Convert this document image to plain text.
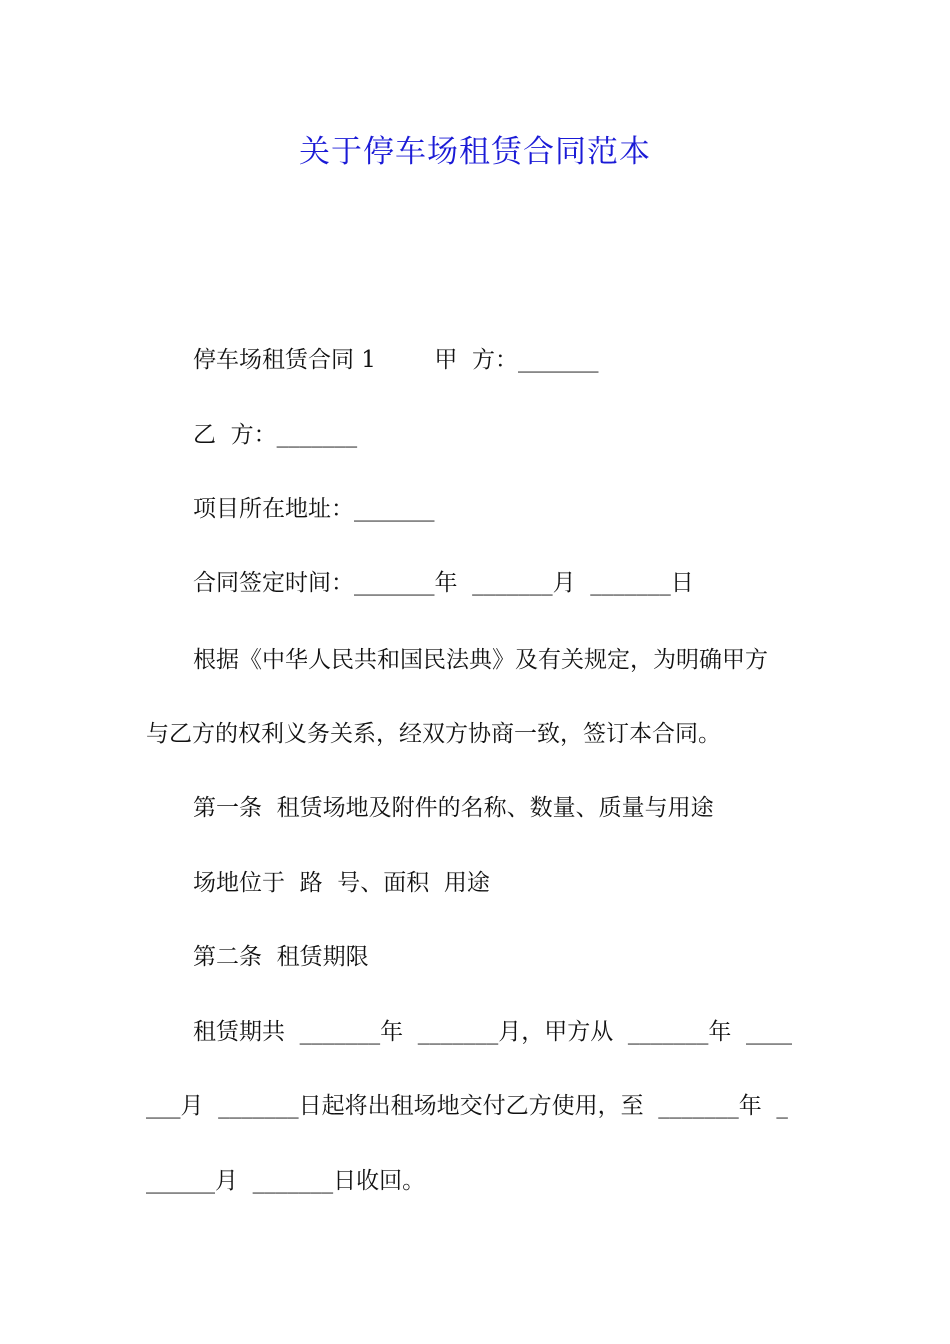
关于停车场租赁合同范本
停车场租赁合同 1        甲  方：_______
乙  方：_______
项目所在地址：_______
合同签定时间：_______年  _______月  _______日
根据《中华人民共和国民法典》及有关规定，为明确甲方
与乙方的权利义务关系，经双方协商一致，签订本合同。
第一条  租赁场地及附件的名称、数量、质量与用途
场地位于  路  号、面积  用途
第二条  租赁期限
租赁期共  _______年  _______月，甲方从  _______年  ____
___月  _______日起将出租场地交付乙方使用，至  _______年  _
______月  _______日收回。
